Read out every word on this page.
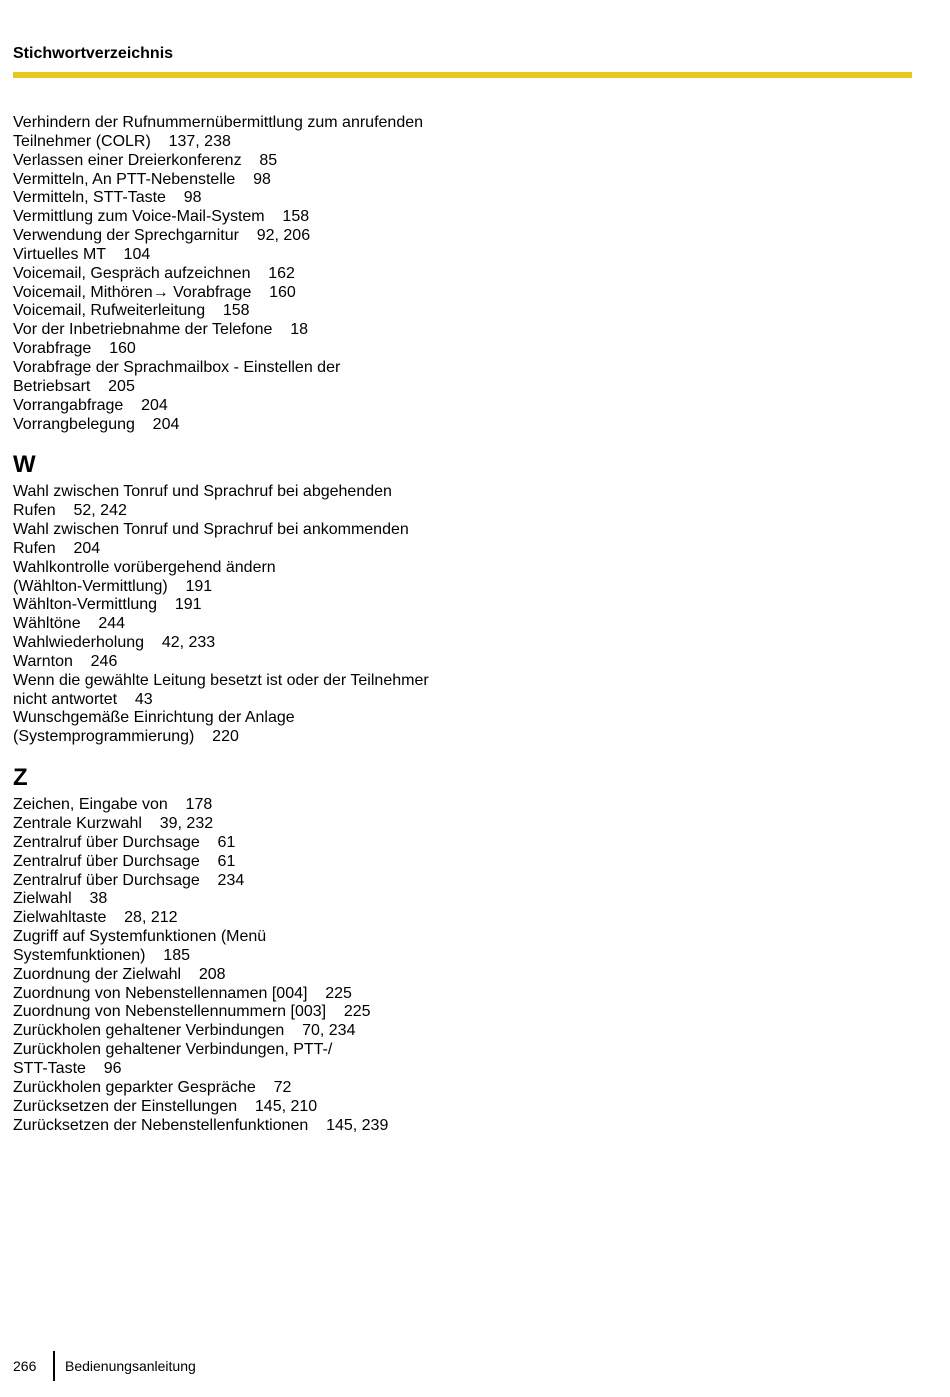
Stichwortverzeichnis
Verhindern der Rufnummernübermittlung zum anrufenden
Teilnehmer (COLR)    137, 238
Verlassen einer Dreierkonferenz    85
Vermitteln, An PTT-Nebenstelle    98
Vermitteln, STT-Taste    98
Vermittlung zum Voice-Mail-System    158
Verwendung der Sprechgarnitur    92, 206
Virtuelles MT    104
Voicemail, Gespräch aufzeichnen    162
Voicemail, Mithören→ Vorabfrage    160
Voicemail, Rufweiterleitung    158
Vor der Inbetriebnahme der Telefone    18
Vorabfrage    160
Vorabfrage der Sprachmailbox - Einstellen der
Betriebsart    205
Vorrangabfrage    204
Vorrangbelegung    204
W
Wahl zwischen Tonruf und Sprachruf bei abgehenden
Rufen    52, 242
Wahl zwischen Tonruf und Sprachruf bei ankommenden
Rufen    204
Wahlkontrolle vorübergehend ändern
(Wählton-Vermittlung)    191
Wählton-Vermittlung    191
Wähltöne    244
Wahlwiederholung    42, 233
Warnton    246
Wenn die gewählte Leitung besetzt ist oder der Teilnehmer
nicht antwortet    43
Wunschgemäße Einrichtung der Anlage
(Systemprogrammierung)    220
Z
Zeichen, Eingabe von    178
Zentrale Kurzwahl    39, 232
Zentralruf über Durchsage    61
Zentralruf über Durchsage    61
Zentralruf über Durchsage    234
Zielwahl    38
Zielwahltaste    28, 212
Zugriff auf Systemfunktionen (Menü
Systemfunktionen)    185
Zuordnung der Zielwahl    208
Zuordnung von Nebenstellennamen [004]    225
Zuordnung von Nebenstellennummern [003]    225
Zurückholen gehaltener Verbindungen    70, 234
Zurückholen gehaltener Verbindungen, PTT-/
STT-Taste    96
Zurückholen geparkter Gespräche    72
Zurücksetzen der Einstellungen    145, 210
Zurücksetzen der Nebenstellenfunktionen    145, 239
266	Bedienungsanleitung
